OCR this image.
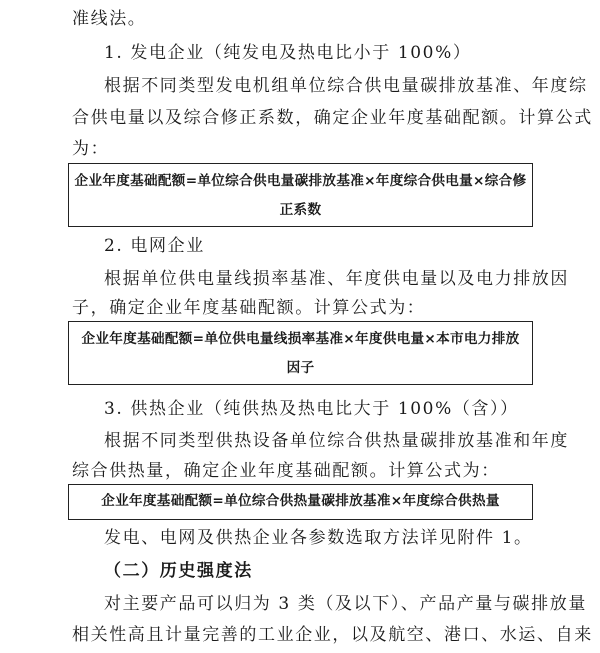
准线法。
1. 发电企业（纯发电及热电比小于 100%）
根据不同类型发电机组单位综合供电量碳排放基准、年度综
合供电量以及综合修正系数，确定企业年度基础配额。计算公式
为：
企业年度基础配额=单位综合供电量碳排放基准×年度综合供电量×综合修
正系数
2. 电网企业
根据单位供电量线损率基准、年度供电量以及电力排放因
子，确定企业年度基础配额。计算公式为：
企业年度基础配额=单位供电量线损率基准×年度供电量×本市电力排放
因子
3. 供热企业（纯供热及热电比大于 100%（含））
根据不同类型供热设备单位综合供热量碳排放基准和年度
综合供热量，确定企业年度基础配额。计算公式为：
企业年度基础配额=单位综合供热量碳排放基准×年度综合供热量
发电、电网及供热企业各参数选取方法详见附件 1。
（二）历史强度法
对主要产品可以归为 3 类（及以下）、产品产量与碳排放量
相关性高且计量完善的工业企业，以及航空、港口、水运、自来
